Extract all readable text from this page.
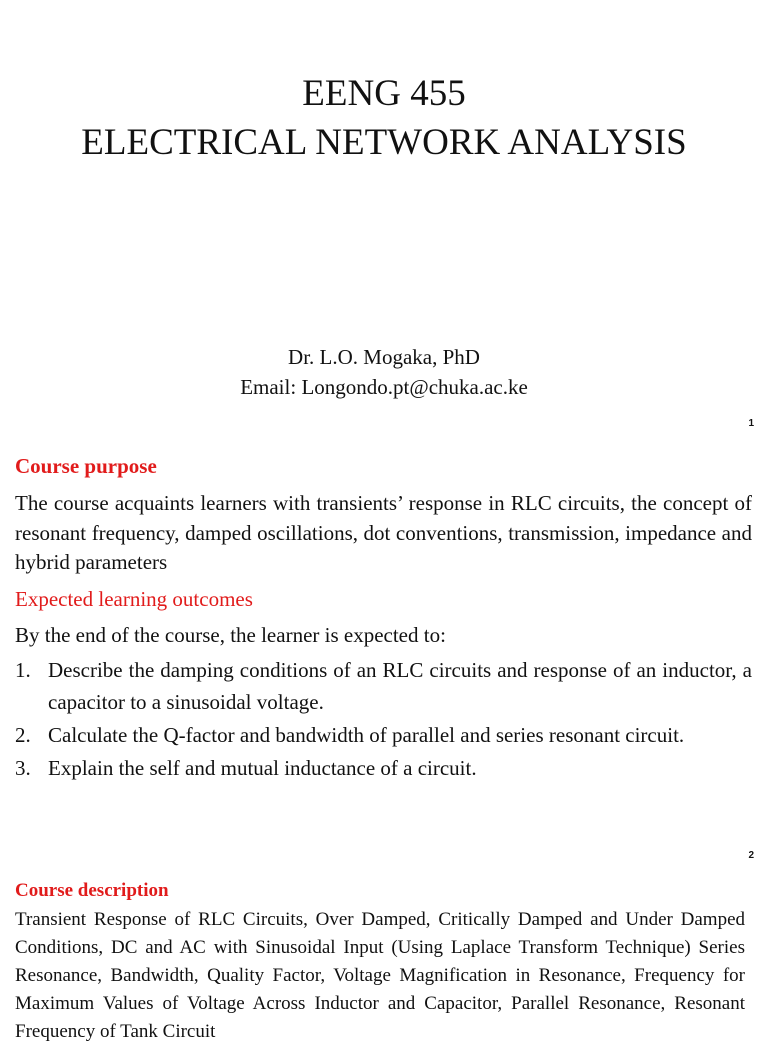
EENG 455
ELECTRICAL NETWORK ANALYSIS
Dr. L.O. Mogaka, PhD
Email: Longondo.pt@chuka.ac.ke
1
Course purpose
The course acquaints learners with transients’ response in RLC circuits, the concept of resonant frequency, damped oscillations, dot conventions, transmission, impedance and hybrid parameters
Expected learning outcomes
By the end of the course, the learner is expected to:
1. Describe the damping conditions of an RLC circuits and response of an inductor, a capacitor to a sinusoidal voltage.
2. Calculate the Q-factor and bandwidth of parallel and series resonant circuit.
3. Explain the self and mutual inductance of a circuit.
2
Course description
Transient Response of RLC Circuits, Over Damped, Critically Damped and Under Damped Conditions, DC and AC with Sinusoidal Input (Using Laplace Transform Technique) Series Resonance, Bandwidth, Quality Factor, Voltage Magnification in Resonance, Frequency for Maximum Values of Voltage Across Inductor and Capacitor, Parallel Resonance, Resonant Frequency of Tank Circuit
